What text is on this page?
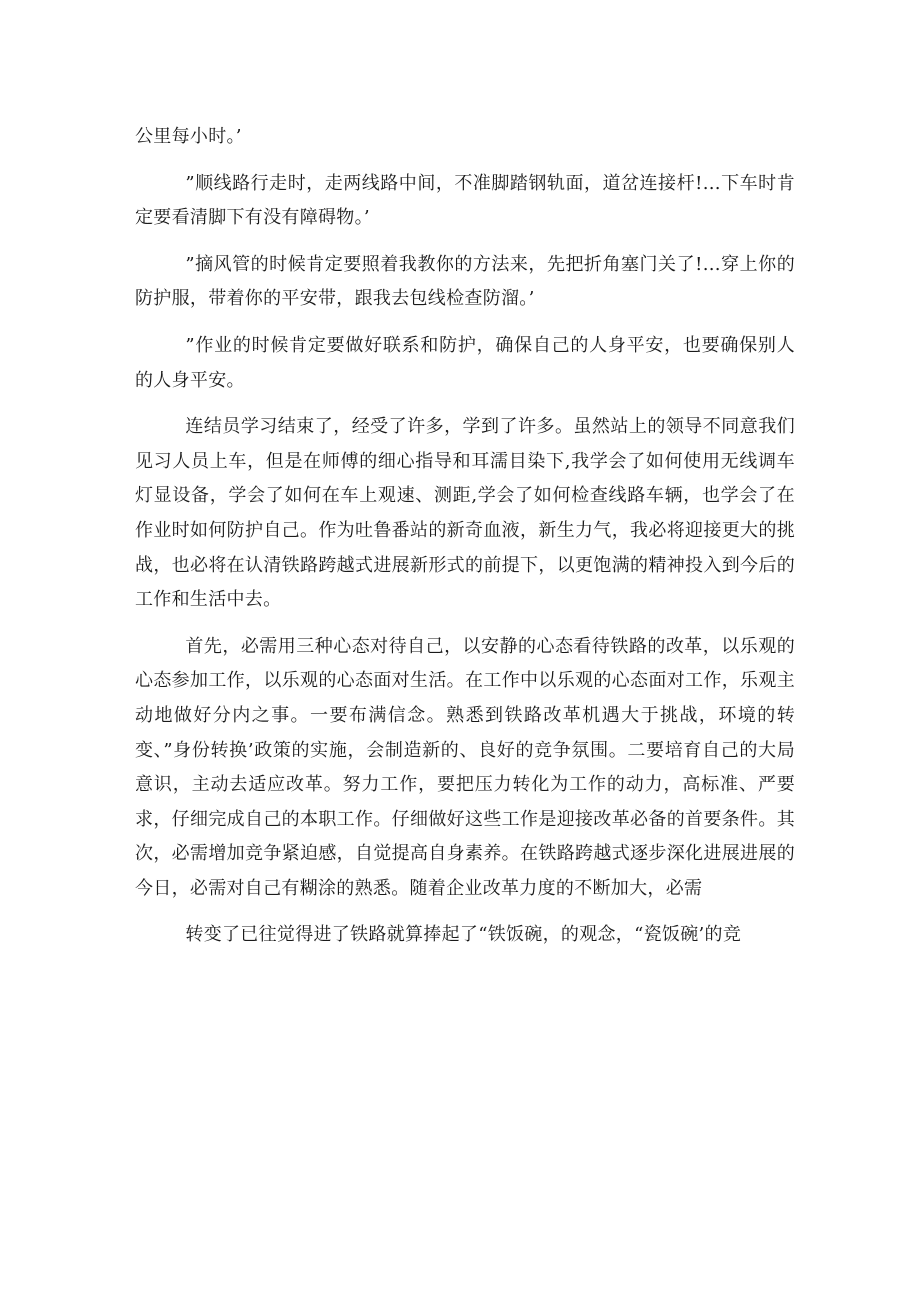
公里每小时。’

”顺线路行走时，走两线路中间，不准脚踏钢轨面，道岔连接杆!…下车时肯定要看清脚下有没有障碍物。’

”摘风管的时候肯定要照着我教你的方法来，先把折角塞门关了!…穿上你的防护服，带着你的平安带，跟我去包线检查防溜。’

”作业的时候肯定要做好联系和防护，确保自己的人身平安，也要确保别人的人身平安。

连结员学习结束了，经受了许多，学到了许多。虽然站上的领导不同意我们见习人员上车，但是在师傅的细心指导和耳濡目染下,我学会了如何使用无线调车灯显设备，学会了如何在车上观速、测距,学会了如何检查线路车辆，也学会了在作业时如何防护自己。作为吐鲁番站的新奇血液，新生力气，我必将迎接更大的挑战，也必将在认清铁路跨越式进展新形式的前提下，以更饱满的精神投入到今后的工作和生活中去。

首先，必需用三种心态对待自己，以安静的心态看待铁路的改革，以乐观的心态参加工作，以乐观的心态面对生活。在工作中以乐观的心态面对工作，乐观主动地做好分内之事。一要布满信念。熟悉到铁路改革机遇大于挑战，环境的转变、”身份转换’政策的实施，会制造新的、良好的竞争氛围。二要培育自己的大局意识，主动去适应改革。努力工作，要把压力转化为工作的动力，高标准、严要求，仔细完成自己的本职工作。仔细做好这些工作是迎接改革必备的首要条件。其次，必需增加竞争紧迫感，自觉提高自身素养。在铁路跨越式逐步深化进展进展的今日，必需对自己有糊涂的熟悉。随着企业改革力度的不断加大，必需

转变了已往觉得进了铁路就算捧起了“铁饭碗，的观念，“瓷饭碗’的竞
